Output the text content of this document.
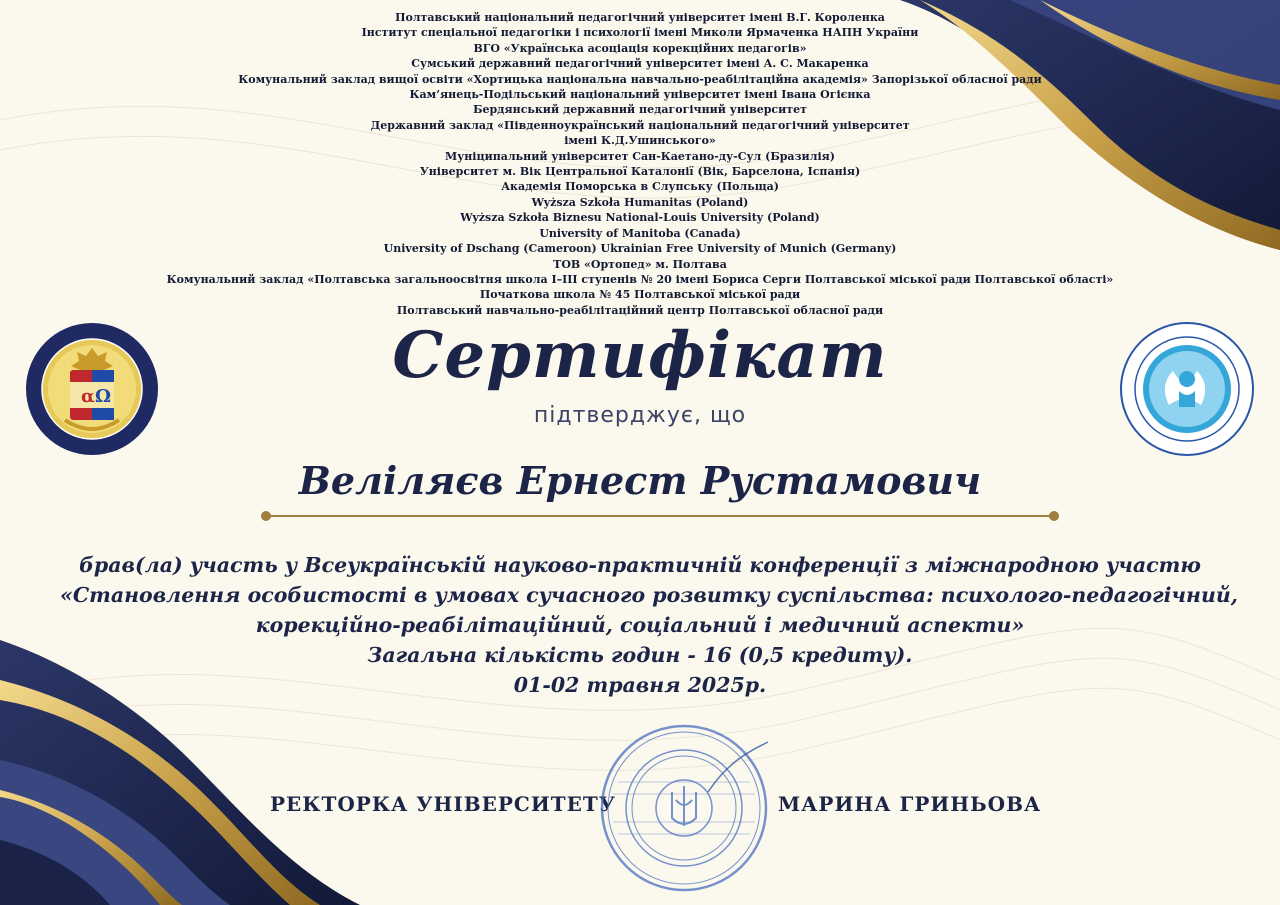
Полтавський національний педагогічний університет імені В.Г. Короленка
Інститут спеціальної педагогіки і психології імені Миколи Ярмаченка НАПН України
ВГО «Українська асоціація корекційних педагогів»
Сумський державний педагогічний університет імені А. С. Макаренка
Комунальний заклад вищої освіти «Хортицька національна навчально-реабілітаційна академія» Запорізької обласної ради
Кам’янець-Подільський національний університет імені Івана Огієнка
Бердянський державний педагогічний університет
Державний заклад «Південноукраїнський національний педагогічний університет
імені К.Д.Ушинського»
Муніципальний університет Сан-Каетано-ду-Сул (Бразилія)
Університет м. Вік Центральної Каталонії (Вік, Барселона, Іспанія)
Академія Поморська в Слупську (Польща)
Wyższa Szkoła Humanitas (Poland)
Wyższa Szkoła Biznesu National-Louis University (Poland)
University of Manitoba (Canada)
University of Dschang (Cameroon) Ukrainian Free University of Munich (Germany)
ТОВ «Ортопед» м. Полтава
Комунальний заклад «Полтавська загальноосвітня школа I–III ступенів № 20 імені Бориса Серги Полтавської міської ради Полтавської області»
Початкова школа № 45 Полтавської міської ради
Полтавський навчально-реабілітаційний центр Полтавської обласної ради
α Ω
Сертифікат
підтверджує, що
Веліляєв Ернест Рустамович
брав(ла) участь у Всеукраїнській науково-практичній конференції з міжнародною участю
«Становлення особистості в умовах сучасного розвитку суспільства: психолого-педагогічний,
корекційно-реабілітаційний, соціальний і медичний аспекти»
Загальна кількість годин - 16 (0,5 кредиту).
01-02 травня 2025р.
РЕКТОРКА УНІВЕРСИТЕТУ	МАРИНА ГРИНЬОВА
